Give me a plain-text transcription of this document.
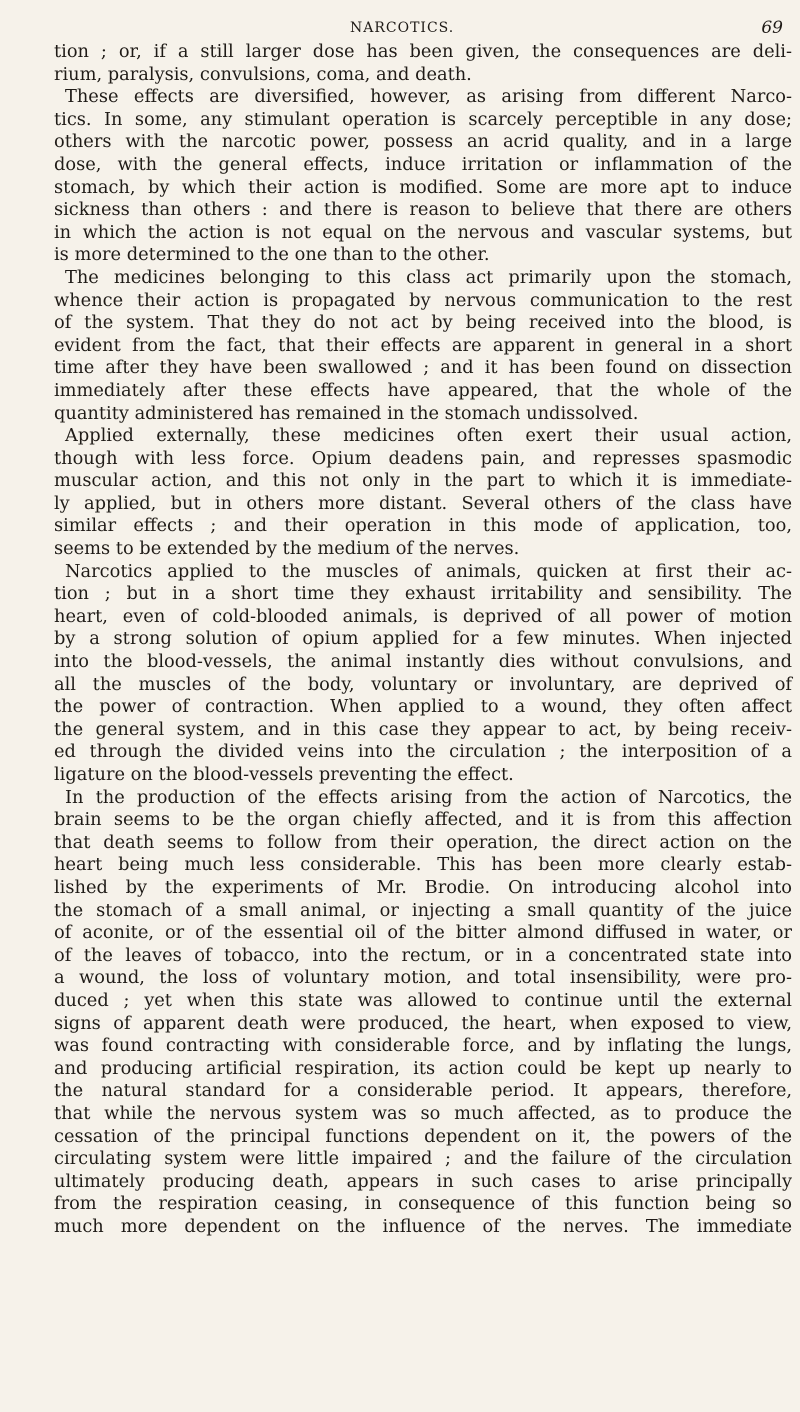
NARCOTICS.	69
tion ; or, if a still larger dose has been given, the consequences are deli-
rium, paralysis, convulsions, coma, and death.
These effects are diversified, however, as arising from different Narco-
tics. In some, any stimulant operation is scarcely perceptible in any dose;
others with the narcotic power, possess an acrid quality, and in a large
dose, with the general effects, induce irritation or inflammation of the
stomach, by which their action is modified. Some are more apt to induce
sickness than others : and there is reason to believe that there are others
in which the action is not equal on the nervous and vascular systems, but
is more determined to the one than to the other.
The medicines belonging to this class act primarily upon the stomach,
whence their action is propagated by nervous communication to the rest
of the system. That they do not act by being received into the blood, is
evident from the fact, that their effects are apparent in general in a short
time after they have been swallowed ; and it has been found on dissection
immediately after these effects have appeared, that the whole of the
quantity administered has remained in the stomach undissolved.
Applied externally, these medicines often exert their usual action,
though with less force. Opium deadens pain, and represses spasmodic
muscular action, and this not only in the part to which it is immediate-
ly applied, but in others more distant. Several others of the class have
similar effects ; and their operation in this mode of application, too,
seems to be extended by the medium of the nerves.
Narcotics applied to the muscles of animals, quicken at first their ac-
tion ; but in a short time they exhaust irritability and sensibility. The
heart, even of cold-blooded animals, is deprived of all power of motion
by a strong solution of opium applied for a few minutes. When injected
into the blood-vessels, the animal instantly dies without convulsions, and
all the muscles of the body, voluntary or involuntary, are deprived of
the power of contraction. When applied to a wound, they often affect
the general system, and in this case they appear to act, by being receiv-
ed through the divided veins into the circulation ; the interposition of a
ligature on the blood-vessels preventing the effect.
In the production of the effects arising from the action of Narcotics, the
brain seems to be the organ chiefly affected, and it is from this affection
that death seems to follow from their operation, the direct action on the
heart being much less considerable. This has been more clearly estab-
lished by the experiments of Mr. Brodie. On introducing alcohol into
the stomach of a small animal, or injecting a small quantity of the juice
of aconite, or of the essential oil of the bitter almond diffused in water, or
of the leaves of tobacco, into the rectum, or in a concentrated state into
a wound, the loss of voluntary motion, and total insensibility, were pro-
duced ; yet when this state was allowed to continue until the external
signs of apparent death were produced, the heart, when exposed to view,
was found contracting with considerable force, and by inflating the lungs,
and producing artificial respiration, its action could be kept up nearly to
the natural standard for a considerable period. It appears, therefore,
that while the nervous system was so much affected, as to produce the
cessation of the principal functions dependent on it, the powers of the
circulating system were little impaired ; and the failure of the circulation
ultimately producing death, appears in such cases to arise principally
from the respiration ceasing, in consequence of this function being so
much more dependent on the influence of the nerves. The immediate
